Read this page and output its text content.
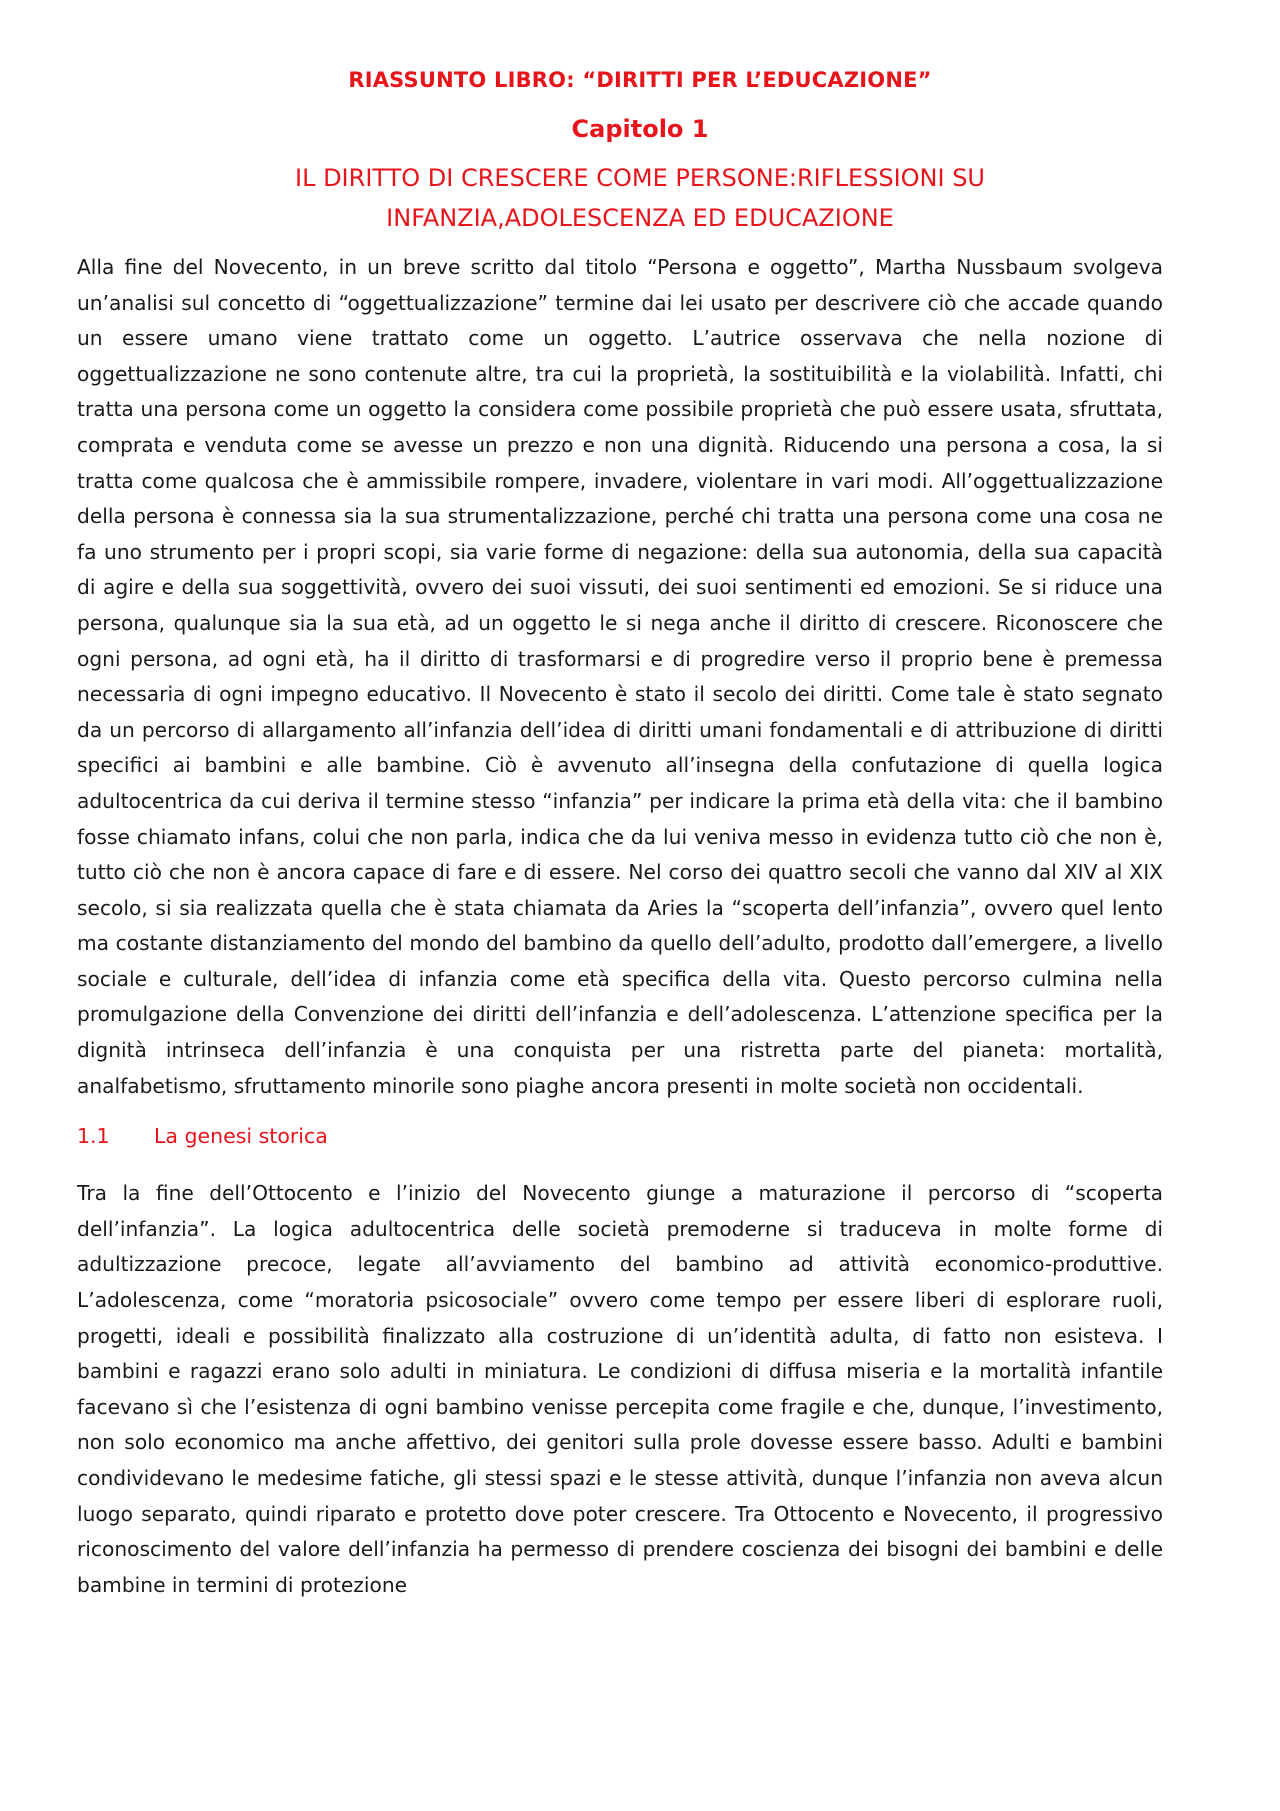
RIASSUNTO LIBRO: “DIRITTI PER L’EDUCAZIONE”
Capitolo 1
IL DIRITTO DI CRESCERE COME PERSONE:RIFLESSIONI SU
INFANZIA,ADOLESCENZA ED EDUCAZIONE

Alla fine del Novecento, in un breve scritto dal titolo “Persona e oggetto”, Martha Nussbaum svolgeva un’analisi sul concetto di “oggettualizzazione” termine dai lei usato per descrivere ciò che accade quando un essere umano viene trattato come un oggetto. L’autrice osservava che nella nozione di oggettualizzazione ne sono contenute altre, tra cui la proprietà, la sostituibilità e la violabilità. Infatti, chi tratta una persona come un oggetto la considera come possibile proprietà che può essere usata, sfruttata, comprata e venduta come se avesse un prezzo e non una dignità. Riducendo una persona a cosa, la si tratta come qualcosa che è ammissibile rompere, invadere, violentare in vari modi. All’oggettualizzazione della persona è connessa sia la sua strumentalizzazione, perché chi tratta una persona come una cosa ne fa uno strumento per i propri scopi, sia varie forme di negazione: della sua autonomia, della sua capacità di agire e della sua soggettività, ovvero dei suoi vissuti, dei suoi sentimenti ed emozioni. Se si riduce una persona, qualunque sia la sua età, ad un oggetto le si nega anche il diritto di crescere. Riconoscere che ogni persona, ad ogni età, ha il diritto di trasformarsi e di progredire verso il proprio bene è premessa necessaria di ogni impegno educativo. Il Novecento è stato il secolo dei diritti. Come tale è stato segnato da un percorso di allargamento all’infanzia dell’idea di diritti umani fondamentali e di attribuzione di diritti specifici ai bambini e alle bambine. Ciò è avvenuto all’insegna della confutazione di quella logica adultocentrica da cui deriva il termine stesso “infanzia” per indicare la prima età della vita: che il bambino fosse chiamato infans, colui che non parla, indica che da lui veniva messo in evidenza tutto ciò che non è, tutto ciò che non è ancora capace di fare e di essere. Nel corso dei quattro secoli che vanno dal XIV al XIX secolo, si sia realizzata quella che è stata chiamata da Aries la “scoperta dell’infanzia”, ovvero quel lento ma costante distanziamento del mondo del bambino da quello dell’adulto, prodotto dall’emergere, a livello sociale e culturale, dell’idea di infanzia come età specifica della vita. Questo percorso culmina nella promulgazione della Convenzione dei diritti dell’infanzia e dell’adolescenza. L’attenzione specifica per la dignità intrinseca dell’infanzia è una conquista per una ristretta parte del pianeta: mortalità, analfabetismo, sfruttamento minorile sono piaghe ancora presenti in molte società non occidentali.

1.1	La genesi storica

Tra la fine dell’Ottocento e l’inizio del Novecento giunge a maturazione il percorso di “scoperta dell’infanzia”. La logica adultocentrica delle società premoderne si traduceva in molte forme di adultizzazione precoce, legate all’avviamento del bambino ad attività economico-produttive. L’adolescenza, come “moratoria psicosociale” ovvero come tempo per essere liberi di esplorare ruoli, progetti, ideali e possibilità finalizzato alla costruzione di un’identità adulta, di fatto non esisteva. I bambini e ragazzi erano solo adulti in miniatura. Le condizioni di diffusa miseria e la mortalità infantile facevano sì che l’esistenza di ogni bambino venisse percepita come fragile e che, dunque, l’investimento, non solo economico ma anche affettivo, dei genitori sulla prole dovesse essere basso. Adulti e bambini condividevano le medesime fatiche, gli stessi spazi e le stesse attività, dunque l’infanzia non aveva alcun luogo separato, quindi riparato e protetto dove poter crescere. Tra Ottocento e Novecento, il progressivo riconoscimento del valore dell’infanzia ha permesso di prendere coscienza dei bisogni dei bambini e delle bambine in termini di protezione
